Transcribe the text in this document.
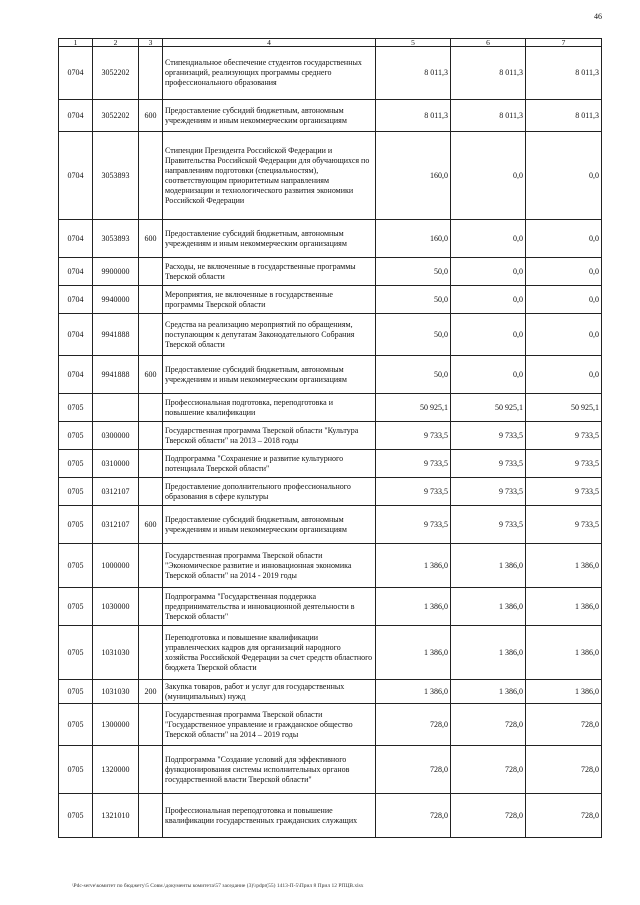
46
1	2	3	4	5	6	7
0704	3052202		Стипендиальное обеспечение студентов государственных организаций, реализующих программы среднего профессионального образования	8 011,3	8 011,3	8 011,3
0704	3052202	600	Предоставление субсидий бюджетным, автономным учреждениям и иным некоммерческим организациям	8 011,3	8 011,3	8 011,3
0704	3053893		Стипендии Президента Российской Федерации и Правительства Российской Федерации для обучающихся по направлениям подготовки (специальностям), соответствующим приоритетным направлениям модернизации и технологического развития экономики Российской Федерации	160,0	0,0	0,0
0704	3053893	600	Предоставление субсидий бюджетным, автономным учреждениям и иным некоммерческим организациям	160,0	0,0	0,0
0704	9900000		Расходы, не включенные в государственные программы Тверской области	50,0	0,0	0,0
0704	9940000		Мероприятия, не включенные в государственные программы Тверской области	50,0	0,0	0,0
0704	9941888		Средства на реализацию мероприятий по обращениям, поступающим к депутатам Законодательного Собрания Тверской области	50,0	0,0	0,0
0704	9941888	600	Предоставление субсидий бюджетным, автономным учреждениям и иным некоммерческим организациям	50,0	0,0	0,0
0705			Профессиональная подготовка, переподготовка и повышение квалификации	50 925,1	50 925,1	50 925,1
0705	0300000		Государственная программа Тверской области "Культура Тверской области" на 2013 – 2018 годы	9 733,5	9 733,5	9 733,5
0705	0310000		Подпрограмма "Сохранение и развитие культурного потенциала Тверской области"	9 733,5	9 733,5	9 733,5
0705	0312107		Предоставление дополнительного профессионального образования в сфере культуры	9 733,5	9 733,5	9 733,5
0705	0312107	600	Предоставление субсидий бюджетным, автономным учреждениям и иным некоммерческим организациям	9 733,5	9 733,5	9 733,5
0705	1000000		Государственная программа Тверской области "Экономическое развитие и инновационная экономика Тверской области" на 2014 - 2019 годы	1 386,0	1 386,0	1 386,0
0705	1030000		Подпрограмма "Государственная поддержка предпринимательства и инновационной деятельности в Тверской области"	1 386,0	1 386,0	1 386,0
0705	1031030		Переподготовка и повышение квалификации управленческих кадров для организаций народного хозяйства Российской Федерации за счет средств областного бюджета Тверской области	1 386,0	1 386,0	1 386,0
0705	1031030	200	Закупка товаров, работ и услуг для государственных (муниципальных) нужд	1 386,0	1 386,0	1 386,0
0705	1300000		Государственная программа Тверской области "Государственное управление и гражданское общество Тверской области" на 2014 – 2019 годы	728,0	728,0	728,0
0705	1320000		Подпрограмма "Создание условий для эффективного функционирования системы исполнительных органов государственной власти Тверской области"	728,0	728,0	728,0
0705	1321010		Профессиональная переподготовка и повышение квалификации государственных гражданских служащих	728,0	728,0	728,0
\Pdc-serve\комитет по бюджету\5 Совм.\документы комитета\57 заседание (3)\\pdpr(55) 1413-П-5\Прил 8 Прил 12 РПЦВ.xlsx
